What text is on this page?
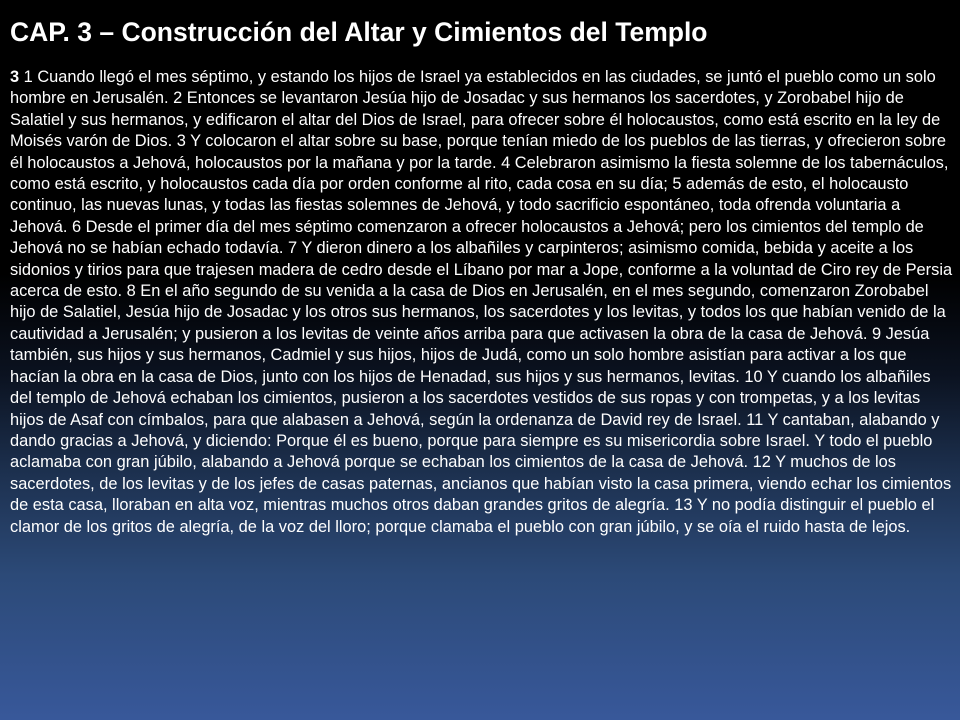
CAP. 3 – Construcción del Altar y Cimientos del Templo

3 1 Cuando llegó el mes séptimo, y estando los hijos de Israel ya establecidos en las ciudades, se juntó el pueblo como un solo hombre en Jerusalén. 2 Entonces se levantaron Jesúa hijo de Josadac y sus hermanos los sacerdotes, y Zorobabel hijo de Salatiel y sus hermanos, y edificaron el altar del Dios de Israel, para ofrecer sobre él holocaustos, como está escrito en la ley de Moisés varón de Dios. 3 Y colocaron el altar sobre su base, porque tenían miedo de los pueblos de las tierras, y ofrecieron sobre él holocaustos a Jehová, holocaustos por la mañana y por la tarde. 4 Celebraron asimismo la fiesta solemne de los tabernáculos, como está escrito, y holocaustos cada día por orden conforme al rito, cada cosa en su día; 5 además de esto, el holocausto continuo, las nuevas lunas, y todas las fiestas solemnes de Jehová, y todo sacrificio espontáneo, toda ofrenda voluntaria a Jehová. 6 Desde el primer día del mes séptimo comenzaron a ofrecer holocaustos a Jehová; pero los cimientos del templo de Jehová no se habían echado todavía. 7 Y dieron dinero a los albañiles y carpinteros; asimismo comida, bebida y aceite a los sidonios y tirios para que trajesen madera de cedro desde el Líbano por mar a Jope, conforme a la voluntad de Ciro rey de Persia acerca de esto. 8 En el año segundo de su venida a la casa de Dios en Jerusalén, en el mes segundo, comenzaron Zorobabel hijo de Salatiel, Jesúa hijo de Josadac y los otros sus hermanos, los sacerdotes y los levitas, y todos los que habían venido de la cautividad a Jerusalén; y pusieron a los levitas de veinte años arriba para que activasen la obra de la casa de Jehová. 9 Jesúa también, sus hijos y sus hermanos, Cadmiel y sus hijos, hijos de Judá, como un solo hombre asistían para activar a los que hacían la obra en la casa de Dios, junto con los hijos de Henadad, sus hijos y sus hermanos, levitas. 10 Y cuando los albañiles del templo de Jehová echaban los cimientos, pusieron a los sacerdotes vestidos de sus ropas y con trompetas, y a los levitas hijos de Asaf con címbalos, para que alabasen a Jehová, según la ordenanza de David rey de Israel. 11 Y cantaban, alabando y dando gracias a Jehová, y diciendo: Porque él es bueno, porque para siempre es su misericordia sobre Israel. Y todo el pueblo aclamaba con gran júbilo, alabando a Jehová porque se echaban los cimientos de la casa de Jehová. 12 Y muchos de los sacerdotes, de los levitas y de los jefes de casas paternas, ancianos que habían visto la casa primera, viendo echar los cimientos de esta casa, lloraban en alta voz, mientras muchos otros daban grandes gritos de alegría. 13 Y no podía distinguir el pueblo el clamor de los gritos de alegría, de la voz del lloro; porque clamaba el pueblo con gran júbilo, y se oía el ruido hasta de lejos.
